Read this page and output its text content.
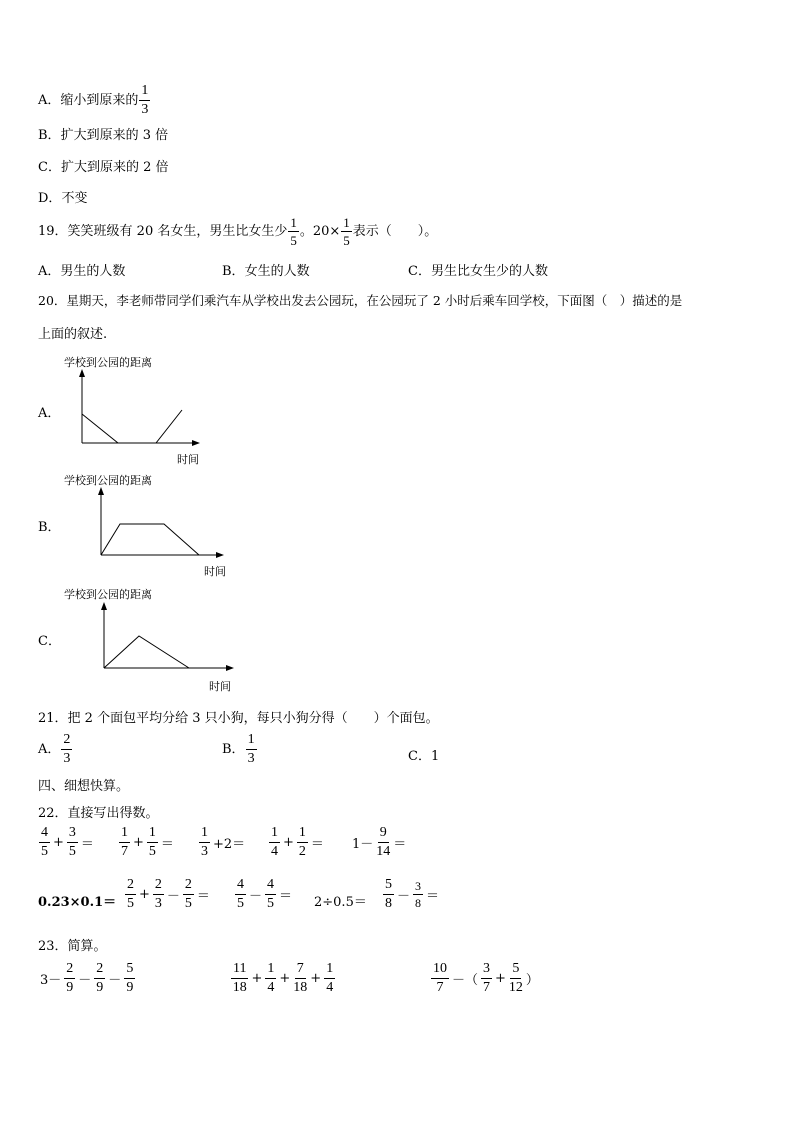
A．缩小到原来的 $\frac{1}{3}$
B．扩大到原来的 3 倍
C．扩大到原来的 2 倍
D．不变
19．笑笑班级有 20 名女生，男生比女生少 $\frac{1}{5}$ 。$20\times \frac{1}{5}$ 表示（　　）。
A．男生的人数	B．女生的人数	C．男生比女生少的人数
20．星期天，李老师带同学们乘汽车从学校出发去公园玩，在公园玩了 2 小时后乘车回学校，下面图（　）描述的是
上面的叙述.
A．
学校到公园的距离
时间
B．
学校到公园的距离
时间
C．
学校到公园的距离
时间
21．把 2 个面包平均分给 3 只小狗，每只小狗分得（　　）个面包。
A． $\frac{2}{3}$	B． $\frac{1}{3}$	C．1
四、细想快算。
22．直接写出得数。
$\frac{4}{5} + \frac{3}{5} = \frac{1}{7} + \frac{1}{5} = \frac{1}{3} +2= \frac{1}{4} + \frac{1}{2} = 1- \frac{9}{14}$ ＝
$0.23\times 0.1= \frac{2}{5} + \frac{2}{3} - \frac{2}{5} = \frac{4}{5} - \frac{4}{5} = 2\div 0.5= \frac{5}{8} - \frac{3}{8}$ ＝
23．简算。
$3- \frac{2}{9} - \frac{2}{9} - \frac{5}{9}$	$\frac{11}{18} + \frac{1}{4} + \frac{7}{18} + \frac{1}{4}$	$\frac{10}{7}$ －（ $\frac{3}{7} + \frac{5}{12}$ ）
